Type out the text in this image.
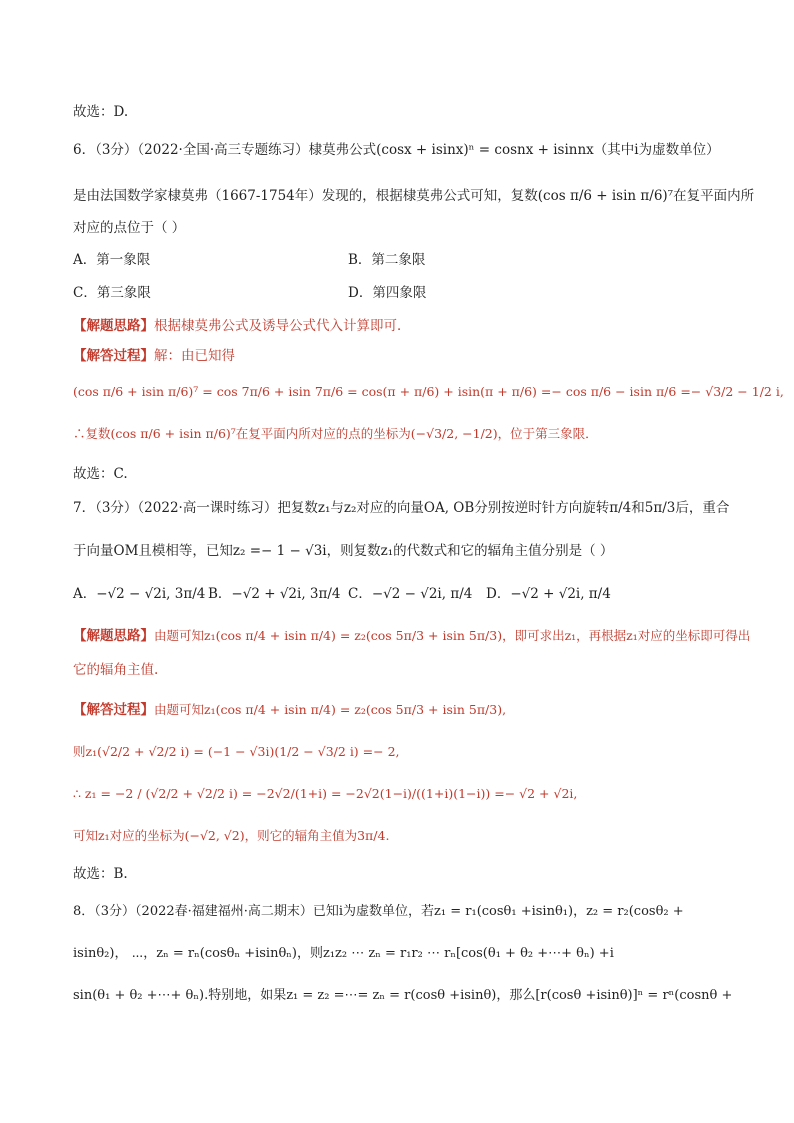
故选：D.
6．（3分）（2022·全国·高三专题练习）棣莫弗公式(cosx + isinx)ⁿ = cosnx + isinnx（其中i为虚数单位）
是由法国数学家棣莫弗（1667-1754年）发现的，根据棣莫弗公式可知，复数(cos π/6 + isin π/6)⁷在复平面内所
对应的点位于（ ）
A．第一象限	B．第二象限
C．第三象限	D．第四象限
【解题思路】根据棣莫弗公式及诱导公式代入计算即可．
【解答过程】解：由已知得
(cos π/6 + isin π/6)⁷ = cos 7π/6 + isin 7π/6 = cos(π + π/6) + isin(π + π/6) =− cos π/6 − isin π/6 =− √3/2 − 1/2 i,
∴复数(cos π/6 + isin π/6)⁷在复平面内所对应的点的坐标为(−√3/2, −1/2)，位于第三象限．
故选：C.
7．（3分）（2022·高一课时练习）把复数z₁与z₂对应的向量OA, OB分别按逆时针方向旋转π/4和5π/3后，重合
于向量OM且模相等，已知z₂ =− 1 − √3i，则复数z₁的代数式和它的辐角主值分别是（ ）
A．−√2 − √2i, 3π/4 B．−√2 + √2i, 3π/4 C．−√2 − √2i, π/4 D．−√2 + √2i, π/4
【解题思路】由题可知z₁(cos π/4 + isin π/4) = z₂(cos 5π/3 + isin 5π/3)，即可求出z₁，再根据z₁对应的坐标即可得出
它的辐角主值.
【解答过程】由题可知z₁(cos π/4 + isin π/4) = z₂(cos 5π/3 + isin 5π/3),
则z₁(√2/2 + √2/2 i) = (−1 − √3i)(1/2 − √3/2 i) =− 2,
∴ z₁ = −2 / (√2/2 + √2/2 i) = −2√2/(1+i) = −2√2(1−i)/((1+i)(1−i)) =− √2 + √2i,
可知z₁对应的坐标为(−√2, √2)，则它的辐角主值为3π/4.
故选：B.
8．（3分）（2022春·福建福州·高二期末）已知i为虚数单位，若z₁ = r₁(cosθ₁ +isinθ₁)，z₂ = r₂(cosθ₂ +
isinθ₂)， ⋯，zₙ = rₙ(cosθₙ +isinθₙ)，则z₁z₂ ⋯ zₙ = r₁r₂ ⋯ rₙ[cos(θ₁ + θ₂ +⋯+ θₙ) +i
sin(θ₁ + θ₂ +⋯+ θₙ).特别地，如果z₁ = z₂ =⋯= zₙ = r(cosθ +isinθ)，那么[r(cosθ +isinθ)]ⁿ = rⁿ(cosnθ +
